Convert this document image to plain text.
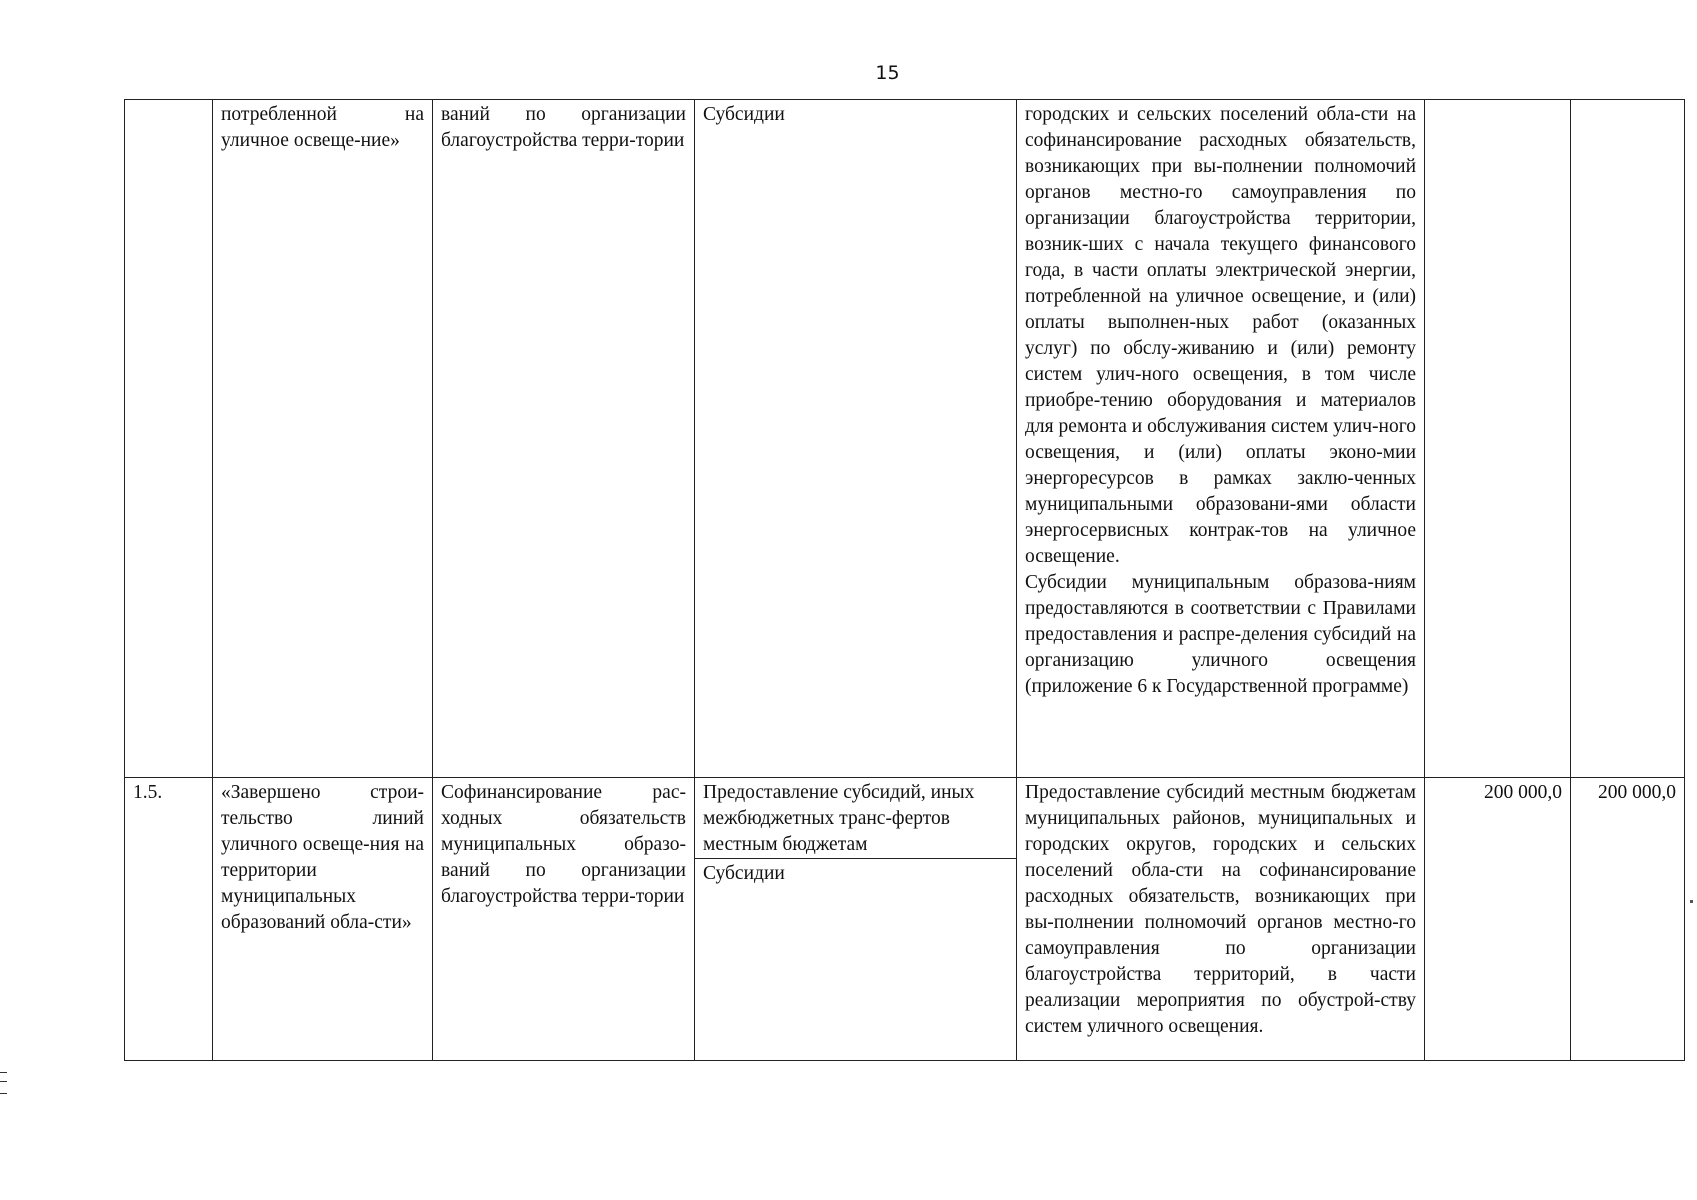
15
	потребленной на уличное освеще-ние»	ваний по организации благоустройства терри-тории	Субсидии	городских и сельских поселений обла-сти на софинансирование расходных обязательств, возникающих при вы-полнении полномочий органов местно-го самоуправления по организации благоустройства территории, возник-ших с начала текущего финансового года, в части оплаты электрической энергии, потребленной на уличное освещение, и (или) оплаты выполнен-ных работ (оказанных услуг) по обслу-живанию и (или) ремонту систем улич-ного освещения, в том числе приобре-тению оборудования и материалов для ремонта и обслуживания систем улич-ного освещения, и (или) оплаты эконо-мии энергоресурсов в рамках заклю-ченных муниципальными образовани-ями области энергосервисных контрак-тов на уличное освещение.
Субсидии муниципальным образова-ниям предоставляются в соответствии с Правилами предоставления и распре-деления субсидий на организацию уличного освещения (приложение 6 к Государственной программе)		

1.5.	«Завершено строи-тельство линий уличного освеще-ния на территории муниципальных образований обла-сти»	Софинансирование рас-ходных обязательств муниципальных образо-ваний по организации благоустройства терри-тории	Предоставление субсидий, иных межбюджетных транс-фертов местным бюджетам
Субсидии	Предоставление субсидий местным бюджетам муниципальных районов, муниципальных и городских округов, городских и сельских поселений обла-сти на софинансирование расходных обязательств, возникающих при вы-полнении полномочий органов местно-го самоуправления по организации благоустройства территорий, в части реализации мероприятия по обустрой-ству систем уличного освещения.	200 000,0	200 000,0
